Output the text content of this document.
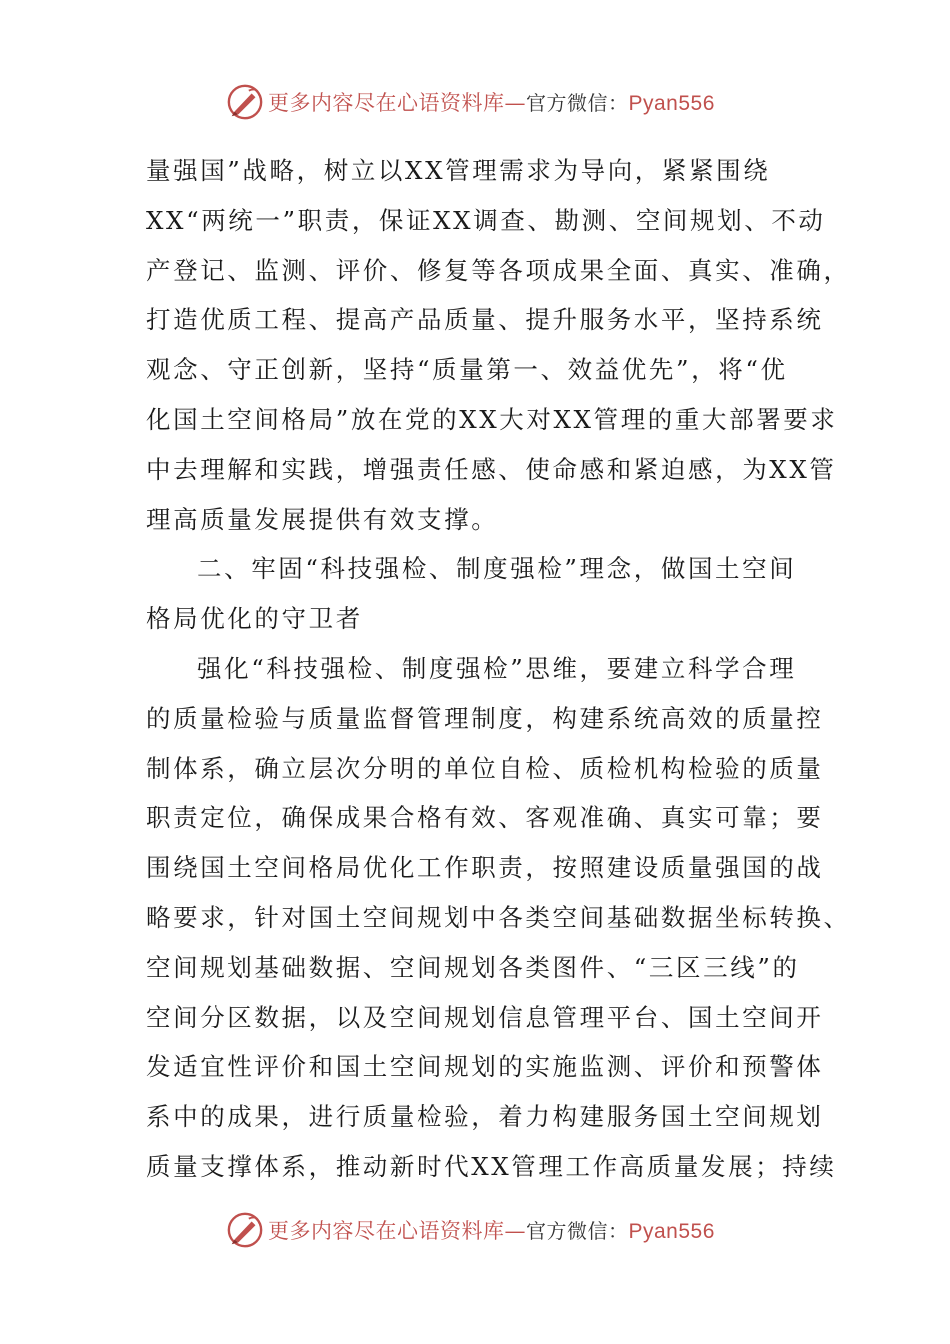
更多内容尽在心语资料库—官方微信：Pyan556
量强国”战略，树立以XX管理需求为导向，紧紧围绕
XX“两统一”职责，保证XX调查、勘测、空间规划、不动
产登记、监测、评价、修复等各项成果全面、真实、准确，
打造优质工程、提高产品质量、提升服务水平，坚持系统
观念、守正创新，坚持“质量第一、效益优先”，将“优
化国土空间格局”放在党的XX大对XX管理的重大部署要求
中去理解和实践，增强责任感、使命感和紧迫感，为XX管
理高质量发展提供有效支撑。
二、牢固“科技强检、制度强检”理念，做国土空间
格局优化的守卫者
强化“科技强检、制度强检”思维，要建立科学合理
的质量检验与质量监督管理制度，构建系统高效的质量控
制体系，确立层次分明的单位自检、质检机构检验的质量
职责定位，确保成果合格有效、客观准确、真实可靠；要
围绕国土空间格局优化工作职责，按照建设质量强国的战
略要求，针对国土空间规划中各类空间基础数据坐标转换、
空间规划基础数据、空间规划各类图件、“三区三线”的
空间分区数据，以及空间规划信息管理平台、国土空间开
发适宜性评价和国土空间规划的实施监测、评价和预警体
系中的成果，进行质量检验，着力构建服务国土空间规划
质量支撑体系，推动新时代XX管理工作高质量发展；持续
更多内容尽在心语资料库—官方微信：Pyan556
